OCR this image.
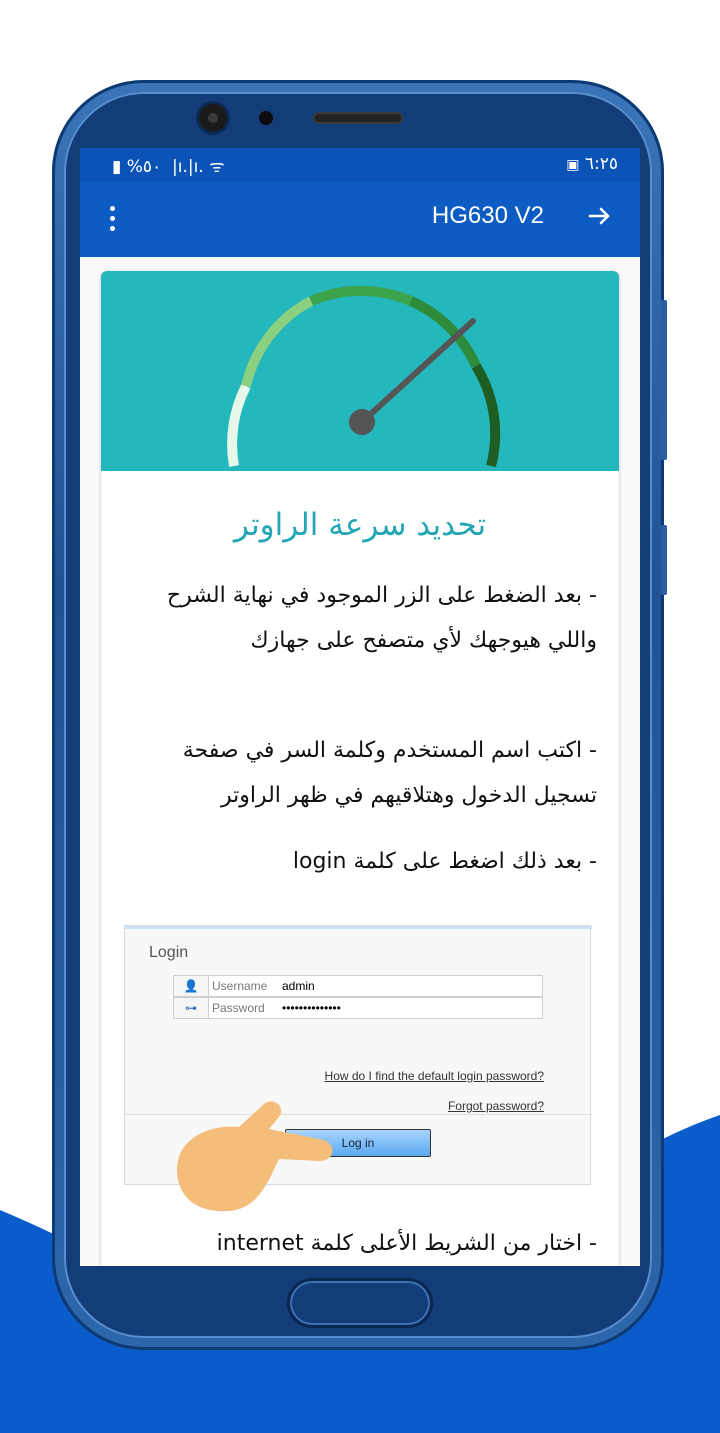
▮ %٥٠  |ı.|ı. ᯤ	▣ ٦:٢٥
HG630 V2
تحديد سرعة الراوتر
- بعد الضغط على الزر الموجود في نهاية الشرح واللي هيوجهك لأي متصفح على جهازك
- اكتب اسم المستخدم وكلمة السر في صفحة تسجيل الدخول وهتلاقيهم في ظهر الراوتر
- بعد ذلك اضغط على كلمة login
Login
👤	Username admin
⊶	Password ••••••••••••••
How do I find the default login password?
Forgot password?
Log in
- اختار من الشريط الأعلى كلمة internet
